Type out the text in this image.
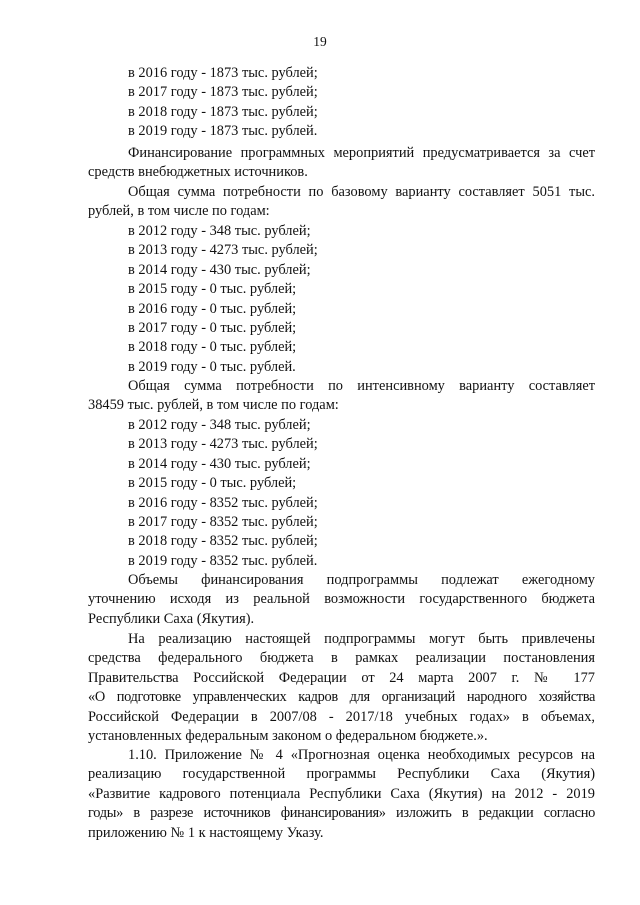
19
в 2016 году - 1873 тыс. рублей;
в 2017 году - 1873 тыс. рублей;
в 2018 году - 1873 тыс. рублей;
в 2019 году - 1873 тыс. рублей.
Финансирование программных мероприятий предусматривается за счет
средств внебюджетных источников.
Общая сумма потребности по базовому варианту составляет 5051 тыс.
рублей, в том числе по годам:
в 2012 году - 348 тыс. рублей;
в 2013 году - 4273 тыс. рублей;
в 2014 году - 430 тыс. рублей;
в 2015 году - 0 тыс. рублей;
в 2016 году - 0 тыс. рублей;
в 2017 году - 0 тыс. рублей;
в 2018 году - 0 тыс. рублей;
в 2019 году - 0 тыс. рублей.
Общая сумма потребности по интенсивному варианту составляет
38459 тыс. рублей, в том числе по годам:
в 2012 году - 348 тыс. рублей;
в 2013 году - 4273 тыс. рублей;
в 2014 году - 430 тыс. рублей;
в 2015 году - 0 тыс. рублей;
в 2016 году - 8352 тыс. рублей;
в 2017 году - 8352 тыс. рублей;
в 2018 году - 8352 тыс. рублей;
в 2019 году - 8352 тыс. рублей.
Объемы финансирования подпрограммы подлежат ежегодному
уточнению исходя из реальной возможности государственного бюджета
Республики Саха (Якутия).
На реализацию настоящей подпрограммы могут быть привлечены
средства федерального бюджета в рамках реализации постановления
Правительства Российской Федерации от 24 марта 2007 г. № 177
«О подготовке управленческих кадров для организаций народного хозяйства
Российской Федерации в 2007/08 - 2017/18 учебных годах» в объемах,
установленных федеральным законом о федеральном бюджете.».
1.10. Приложение № 4 «Прогнозная оценка необходимых ресурсов на
реализацию государственной программы Республики Саха (Якутия)
«Развитие кадрового потенциала Республики Саха (Якутия) на 2012 - 2019
годы» в разрезе источников финансирования» изложить в редакции согласно
приложению № 1 к настоящему Указу.
